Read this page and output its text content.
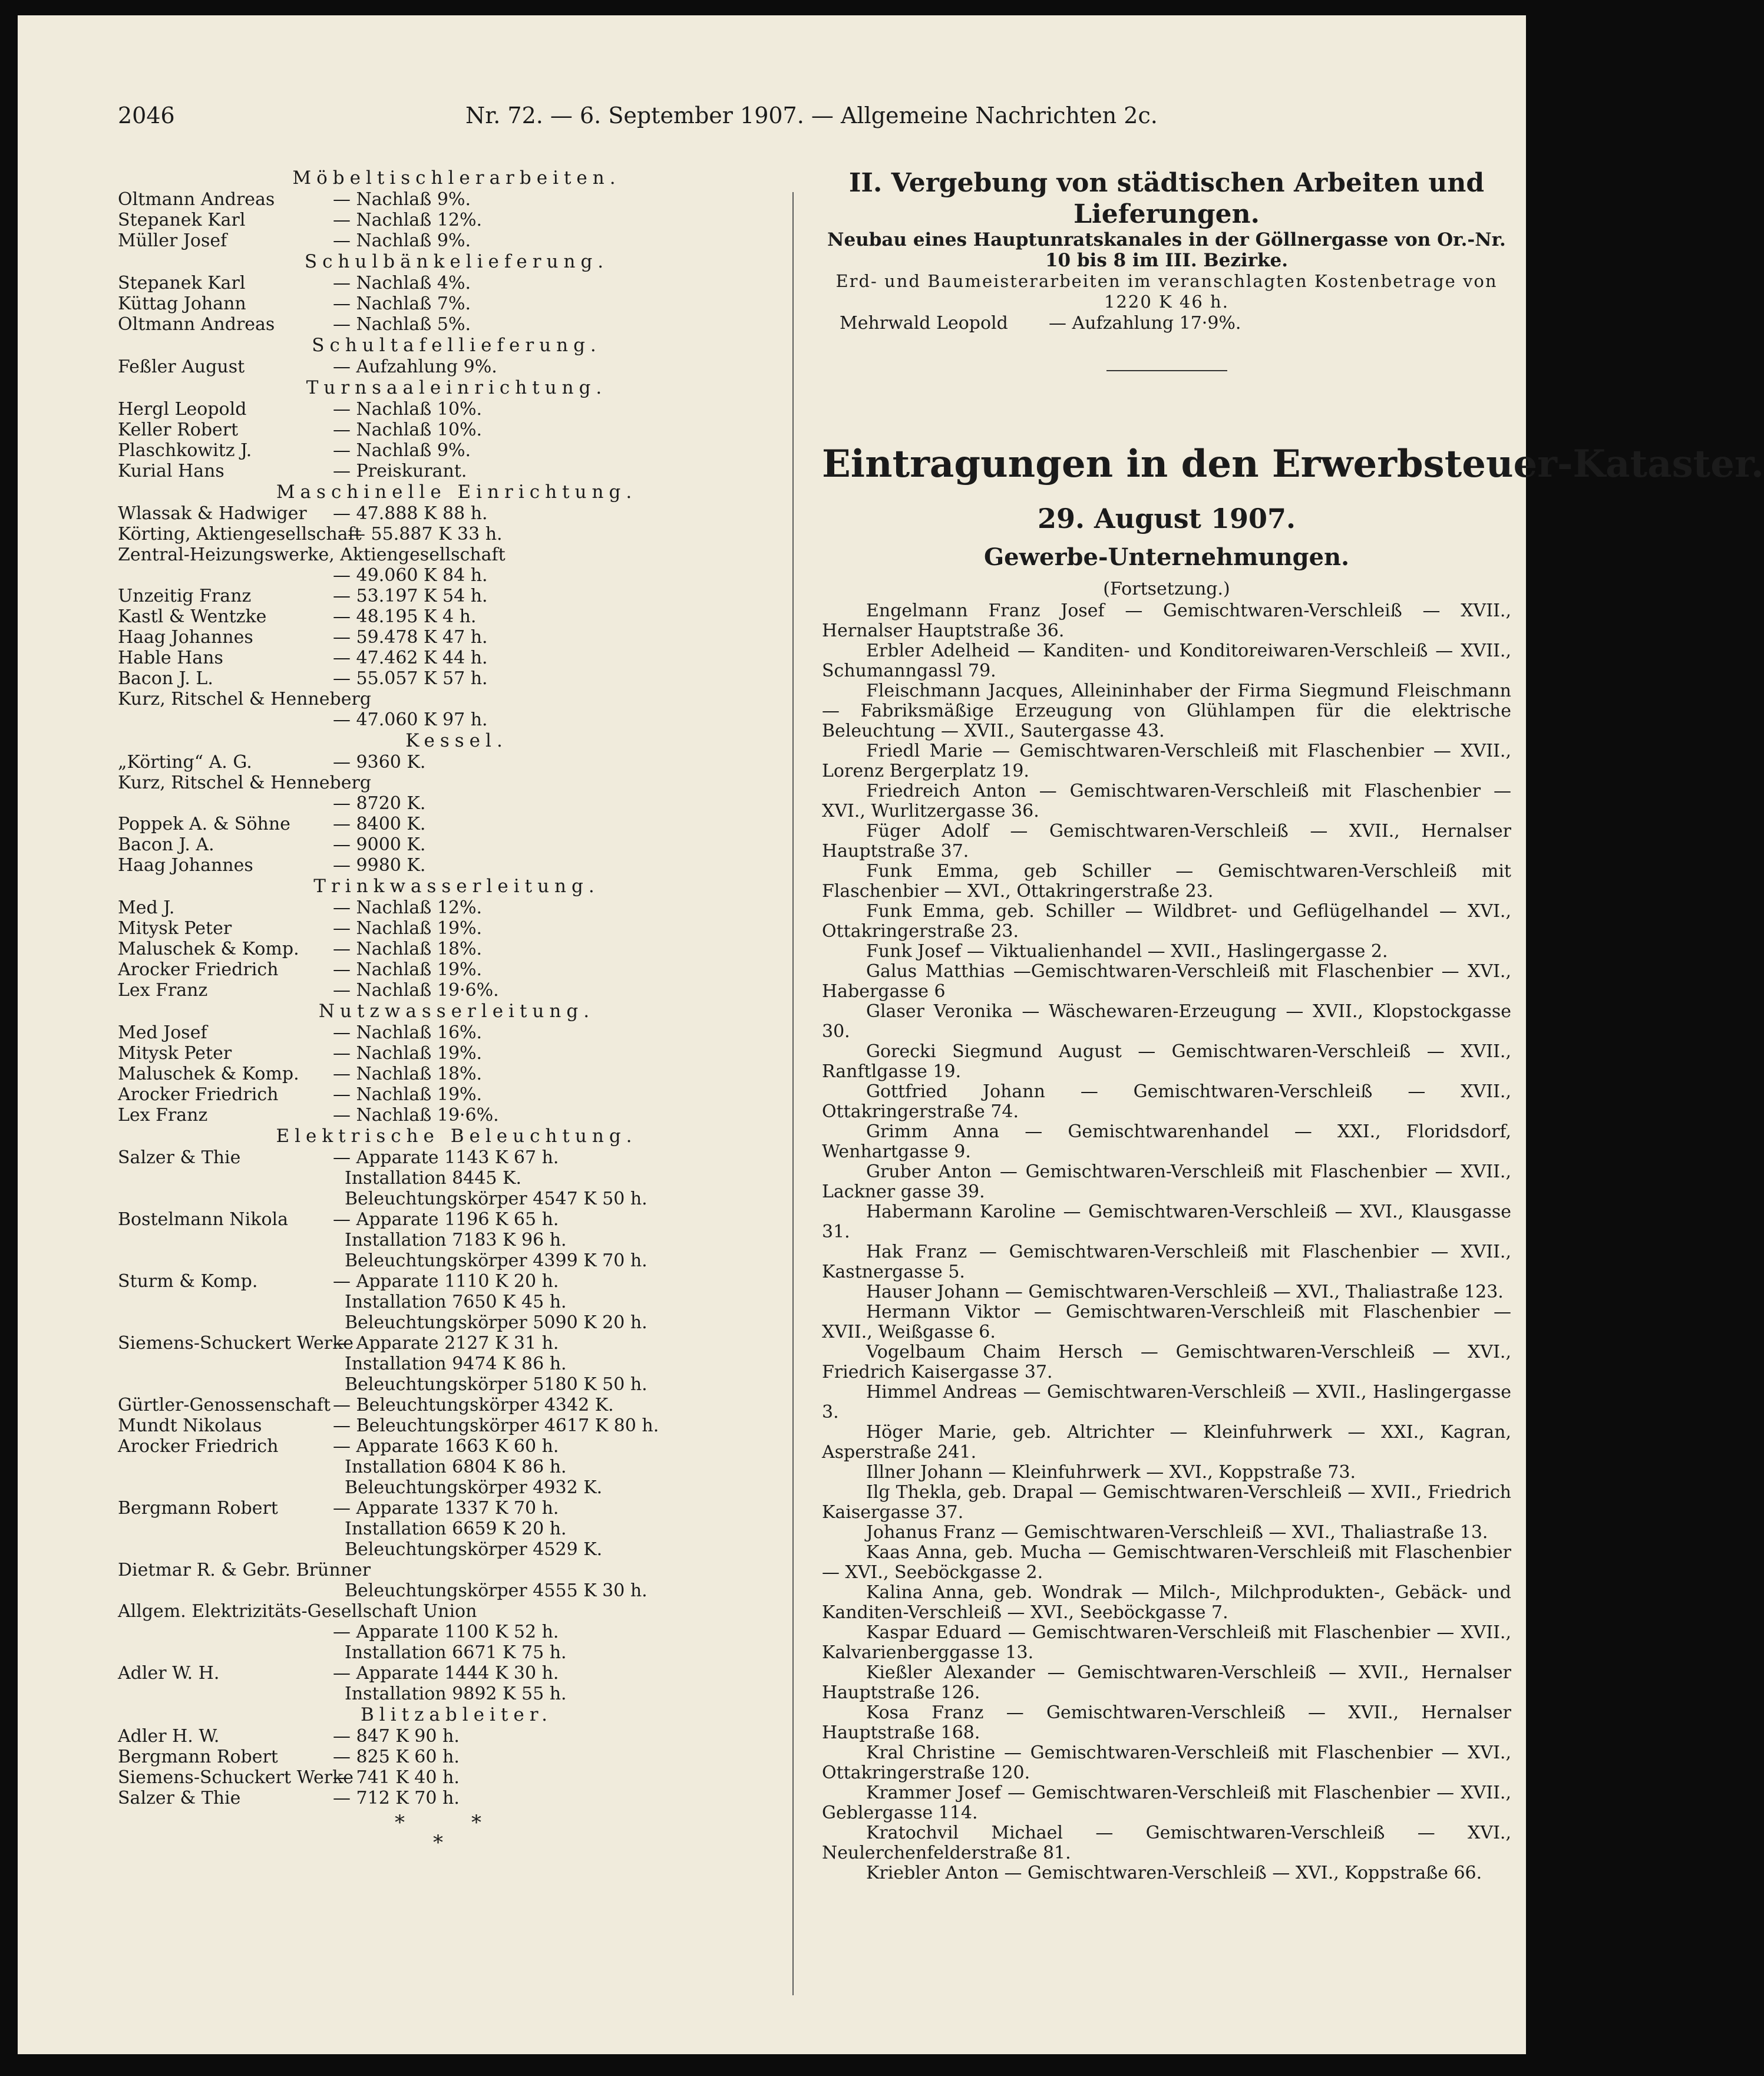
2046	Nr. 72. — 6. September 1907. — Allgemeine Nachrichten 2c.
Möbeltischlerarbeiten.
Oltmann Andreas	— Nachlaß 9%.
Stepanek Karl	— Nachlaß 12%.
Müller Josef	— Nachlaß 9%.
Schulbänkelieferung.
Stepanek Karl	— Nachlaß 4%.
Küttag Johann	— Nachlaß 7%.
Oltmann Andreas	— Nachlaß 5%.
Schultafellieferung.
Feßler August	— Aufzahlung 9%.
Turnsaaleinrichtung.
Hergl Leopold	— Nachlaß 10%.
Keller Robert	— Nachlaß 10%.
Plaschkowitz J.	— Nachlaß 9%.
Kurial Hans	— Preiskurant.
Maschinelle Einrichtung.
Wlassak & Hadwiger — 47.888 K 88 h.
Körting, Aktiengesellschaft
— 55.887 K 33 h.
Zentral-Heizungswerke, Aktiengesellschaft
— 49.060 K 84 h.
Unzeitig Franz	— 53.197 K 54 h.
Kastl & Wentzke	— 48.195 K 4 h.
Haag Johannes	— 59.478 K 47 h.
Hable Hans	— 47.462 K 44 h.
Bacon J. L.	— 55.057 K 57 h.
Kurz, Ritschel & Henneberg
— 47.060 K 97 h.
Kessel.
„Körting“ A. G.	— 9360 K.
Kurz, Ritschel & Henneberg
— 8720 K.
Poppek A. & Söhne — 8400 K.
Bacon J. A.	— 9000 K.
Haag Johannes	— 9980 K.
Trinkwasserleitung.
Med J.	— Nachlaß 12%.
Mitysk Peter	— Nachlaß 19%.
Maluschek & Komp. — Nachlaß 18%.
Arocker Friedrich	— Nachlaß 19%.
Lex Franz	— Nachlaß 19·6%.
Nutzwasserleitung.
Med Josef	— Nachlaß 16%.
Mitysk Peter	— Nachlaß 19%.
Maluschek & Komp. — Nachlaß 18%.
Arocker Friedrich	— Nachlaß 19%.
Lex Franz	— Nachlaß 19·6%.
Elektrische Beleuchtung.
Salzer & Thie	— Apparate 1143 K 67 h.
Installation 8445 K.
Beleuchtungskörper 4547 K 50 h.
Bostelmann Nikola	— Apparate 1196 K 65 h.
Installation 7183 K 96 h.
Beleuchtungskörper 4399 K 70 h.
Sturm & Komp.	— Apparate 1110 K 20 h.
Installation 7650 K 45 h.
Beleuchtungskörper 5090 K 20 h.
Siemens-Schuckert Werke
— Apparate 2127 K 31 h.
Installation 9474 K 86 h.
Beleuchtungskörper 5180 K 50 h.
Gürtler-Genossenschaft — Beleuchtungskörper 4342 K.
Mundt Nikolaus	— Beleuchtungskörper 4617 K 80 h.
Arocker Friedrich	— Apparate 1663 K 60 h.
Installation 6804 K 86 h.
Beleuchtungskörper 4932 K.
Bergmann Robert	— Apparate 1337 K 70 h.
Installation 6659 K 20 h.
Beleuchtungskörper 4529 K.
Dietmar R. & Gebr. Brünner
Beleuchtungskörper 4555 K 30 h.
Allgem. Elektrizitäts-Gesellschaft Union
— Apparate 1100 K 52 h.
Installation 6671 K 75 h.
Adler W. H.	— Apparate 1444 K 30 h.
Installation 9892 K 55 h.
Blitzableiter.
Adler H. W.	— 847 K 90 h.
Bergmann Robert	— 825 K 60 h.
Siemens-Schuckert Werke
— 741 K 40 h.
Salzer & Thie	— 712 K 70 h.
*	*
*
II. Vergebung von städtischen Arbeiten und Lieferungen.
Neubau eines Hauptunratskanales in der Göllnergasse von Or.-Nr. 10 bis 8 im III. Bezirke.
Erd- und Baumeisterarbeiten im veranschlagten Kostenbetrage von 1220 K 46 h.
Mehrwald Leopold — Aufzahlung 17·9%.
Eintragungen in den Erwerbsteuer-Kataster.
29. August 1907.
Gewerbe-Unternehmungen.
(Fortsetzung.)
Engelmann Franz Josef — Gemischtwaren-Verschleiß — XVII., Hernalser Hauptstraße 36.
Erbler Adelheid — Kanditen- und Konditoreiwaren-Verschleiß — XVII., Schumanngassl 79.
Fleischmann Jacques, Alleininhaber der Firma Siegmund Fleischmann — Fabriksmäßige Erzeugung von Glühlampen für die elektrische Beleuchtung — XVII., Sautergasse 43.
Friedl Marie — Gemischtwaren-Verschleiß mit Flaschenbier — XVII., Lorenz Bergerplatz 19.
Friedreich Anton — Gemischtwaren-Verschleiß mit Flaschenbier — XVI., Wurlitzergasse 36.
Füger Adolf — Gemischtwaren-Verschleiß — XVII., Hernalser Hauptstraße 37.
Funk Emma, geb Schiller — Gemischtwaren-Verschleiß mit Flaschenbier — XVI., Ottakringerstraße 23.
Funk Emma, geb. Schiller — Wildbret- und Geflügelhandel — XVI., Ottakringerstraße 23.
Funk Josef — Viktualienhandel — XVII., Haslingergasse 2.
Galus Matthias —Gemischtwaren-Verschleiß mit Flaschenbier — XVI., Habergasse 6
Glaser Veronika — Wäschewaren-Erzeugung — XVII., Klopstockgasse 30.
Gorecki Siegmund August — Gemischtwaren-Verschleiß — XVII., Ranftlgasse 19.
Gottfried Johann — Gemischtwaren-Verschleiß — XVII., Ottakringerstraße 74.
Grimm Anna — Gemischtwarenhandel — XXI., Floridsdorf, Wenhartgasse 9.
Gruber Anton — Gemischtwaren-Verschleiß mit Flaschenbier — XVII., Lackner gasse 39.
Habermann Karoline — Gemischtwaren-Verschleiß — XVI., Klausgasse 31.
Hak Franz — Gemischtwaren-Verschleiß mit Flaschenbier — XVII., Kastnergasse 5.
Hauser Johann — Gemischtwaren-Verschleiß — XVI., Thaliastraße 123.
Hermann Viktor — Gemischtwaren-Verschleiß mit Flaschenbier — XVII., Weißgasse 6.
Vogelbaum Chaim Hersch — Gemischtwaren-Verschleiß — XVI., Friedrich Kaisergasse 37.
Himmel Andreas — Gemischtwaren-Verschleiß — XVII., Haslingergasse 3.
Höger Marie, geb. Altrichter — Kleinfuhrwerk — XXI., Kagran, Asperstraße 241.
Illner Johann — Kleinfuhrwerk — XVI., Koppstraße 73.
Ilg Thekla, geb. Drapal — Gemischtwaren-Verschleiß — XVII., Friedrich Kaisergasse 37.
Johanus Franz — Gemischtwaren-Verschleiß — XVI., Thaliastraße 13.
Kaas Anna, geb. Mucha — Gemischtwaren-Verschleiß mit Flaschenbier — XVI., Seeböckgasse 2.
Kalina Anna, geb. Wondrak — Milch-, Milchprodukten-, Gebäck- und Kanditen-Verschleiß — XVI., Seeböckgasse 7.
Kaspar Eduard — Gemischtwaren-Verschleiß mit Flaschenbier — XVII., Kalvarienberggasse 13.
Kießler Alexander — Gemischtwaren-Verschleiß — XVII., Hernalser Hauptstraße 126.
Kosa Franz — Gemischtwaren-Verschleiß — XVII., Hernalser Hauptstraße 168.
Kral Christine — Gemischtwaren-Verschleiß mit Flaschenbier — XVI., Ottakringerstraße 120.
Krammer Josef — Gemischtwaren-Verschleiß mit Flaschenbier — XVII., Geblergasse 114.
Kratochvil Michael — Gemischtwaren-Verschleiß — XVI., Neulerchenfelderstraße 81.
Kriebler Anton — Gemischtwaren-Verschleiß — XVI., Koppstraße 66.
